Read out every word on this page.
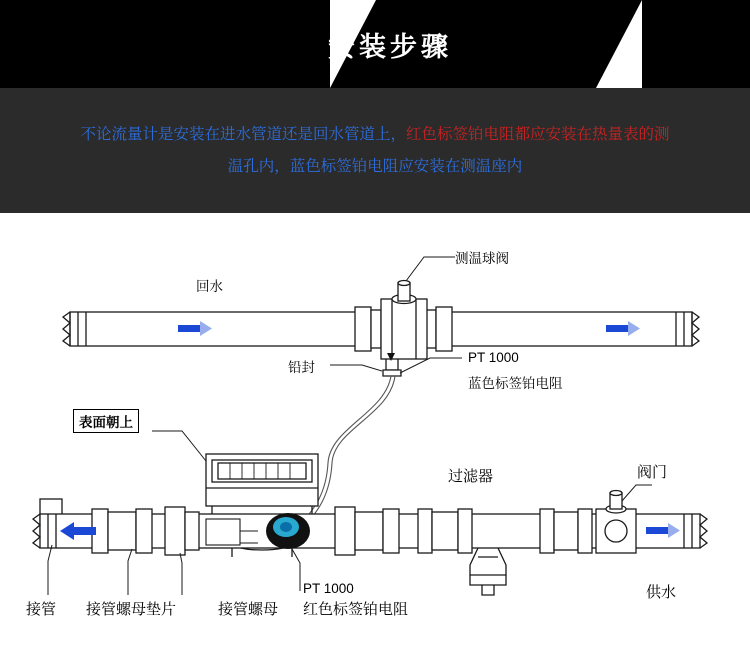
安装步骤
不论流量计是安装在进水管道还是回水管道上，红色标签铂电阻都应安装在热量表的测
温孔内，蓝色标签铂电阻应安装在测温座内
测温球阀
回水
铅封
PT 1000
蓝色标签铂电阻
表面朝上
过滤器	阀门
供水
接管 接管螺母垫片	接管螺母
PT 1000
红色标签铂电阻
